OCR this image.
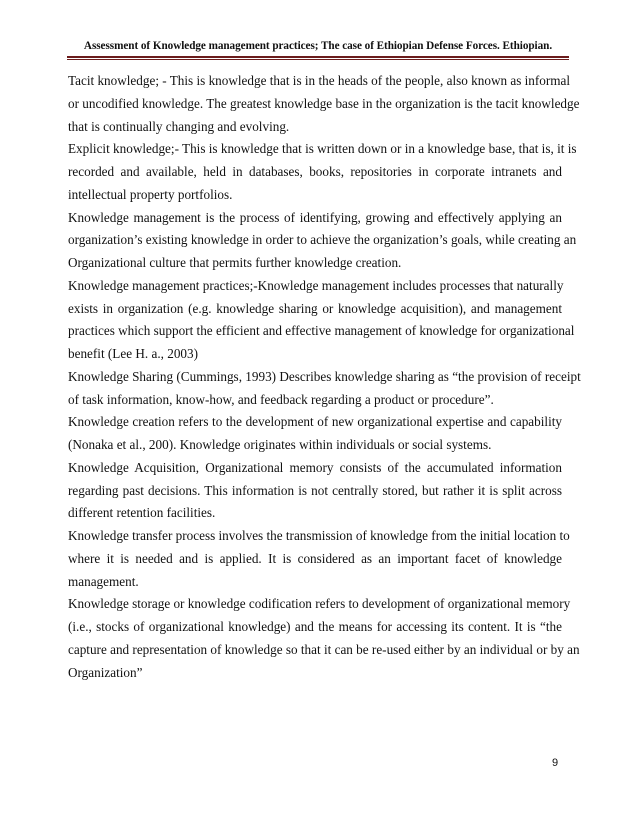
Assessment of Knowledge management practices; The case of Ethiopian Defense Forces. Ethiopian.

Tacit knowledge; - This is knowledge that is in the heads of the people, also known as informal
or uncodified knowledge. The greatest knowledge base in the organization is the tacit knowledge
that is continually changing and evolving.

Explicit knowledge;- This is knowledge that is written down or in a knowledge base, that is, it is
recorded and available, held in databases, books, repositories in corporate intranets and
intellectual property portfolios.

Knowledge management is the process of identifying, growing and effectively applying an
organization’s existing knowledge in order to achieve the organization’s goals, while creating an
Organizational culture that permits further knowledge creation.

Knowledge management practices;-Knowledge management includes processes that naturally
exists in organization (e.g. knowledge sharing or knowledge acquisition), and management
practices which support the efficient and effective management of knowledge for organizational
benefit (Lee H. a., 2003)

Knowledge Sharing (Cummings, 1993) Describes knowledge sharing as “the provision of receipt
of task information, know-how, and feedback regarding a product or procedure”.

Knowledge creation refers to the development of new organizational expertise and capability
(Nonaka et al., 200). Knowledge originates within individuals or social systems.

Knowledge Acquisition, Organizational memory consists of the accumulated information
regarding past decisions. This information is not centrally stored, but rather it is split across
different retention facilities.

Knowledge transfer process involves the transmission of knowledge from the initial location to
where it is needed and is applied. It is considered as an important facet of knowledge
management.

Knowledge storage or knowledge codification refers to development of organizational memory
(i.e., stocks of organizational knowledge) and the means for accessing its content. It is “the
capture and representation of knowledge so that it can be re-used either by an individual or by an
Organization”

9
